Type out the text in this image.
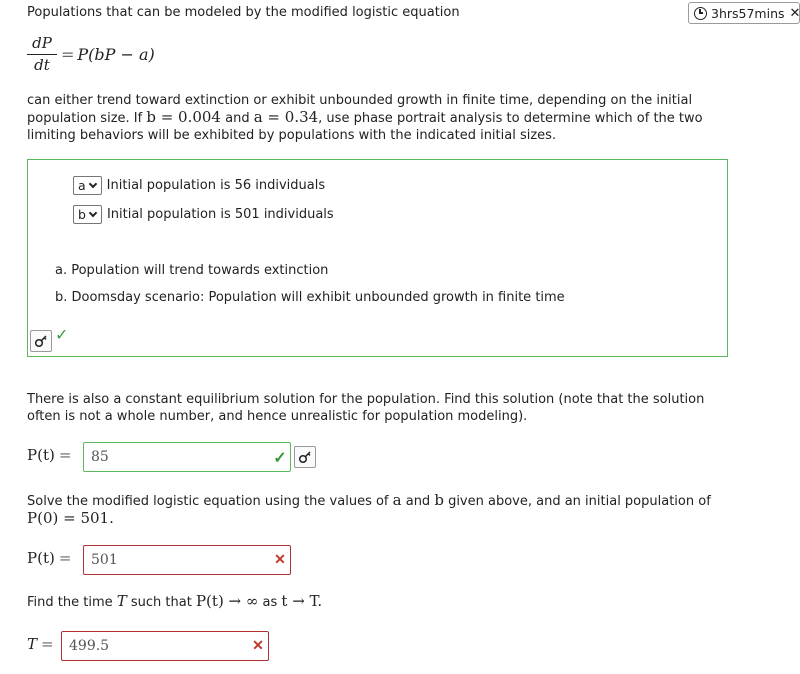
Populations that can be modeled by the modified logistic equation	3hrs57mins ✕
$\frac{dP}{dt} = P(bP - a)$
can either trend toward extinction or exhibit unbounded growth in finite time, depending on the initial population size. If b = 0.004 and a = 0.34, use phase portrait analysis to determine which of the two limiting behaviors will be exhibited by populations with the indicated initial sizes.
a Initial population is 56 individuals
b Initial population is 501 individuals
a. Population will trend towards extinction
b. Doomsday scenario: Population will exhibit unbounded growth in finite time
✓
There is also a constant equilibrium solution for the population. Find this solution (note that the solution often is not a whole number, and hence unrealistic for population modeling).
P(t) = 85	✓
Solve the modified logistic equation using the values of a and b given above, and an initial population of
P(0) = 501.
P(t) = 501	✕
Find the time T such that P(t) → ∞ as t → T.
T = 499.5	✕
